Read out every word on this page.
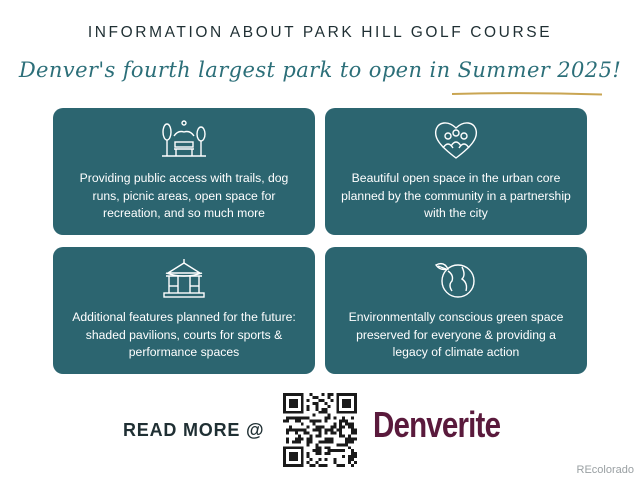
INFORMATION ABOUT PARK HILL GOLF COURSE
Denver's fourth largest park to open in Summer 2025!
Providing public access with trails, dog runs, picnic areas, open space for recreation, and so much more
Beautiful open space in the urban core planned by the community in a partnership with the city
Additional features planned for the future: shaded pavilions, courts for sports & performance spaces
Environmentally conscious green space preserved for everyone & providing a legacy of climate action
READ MORE @	Denverite
REcolorado
